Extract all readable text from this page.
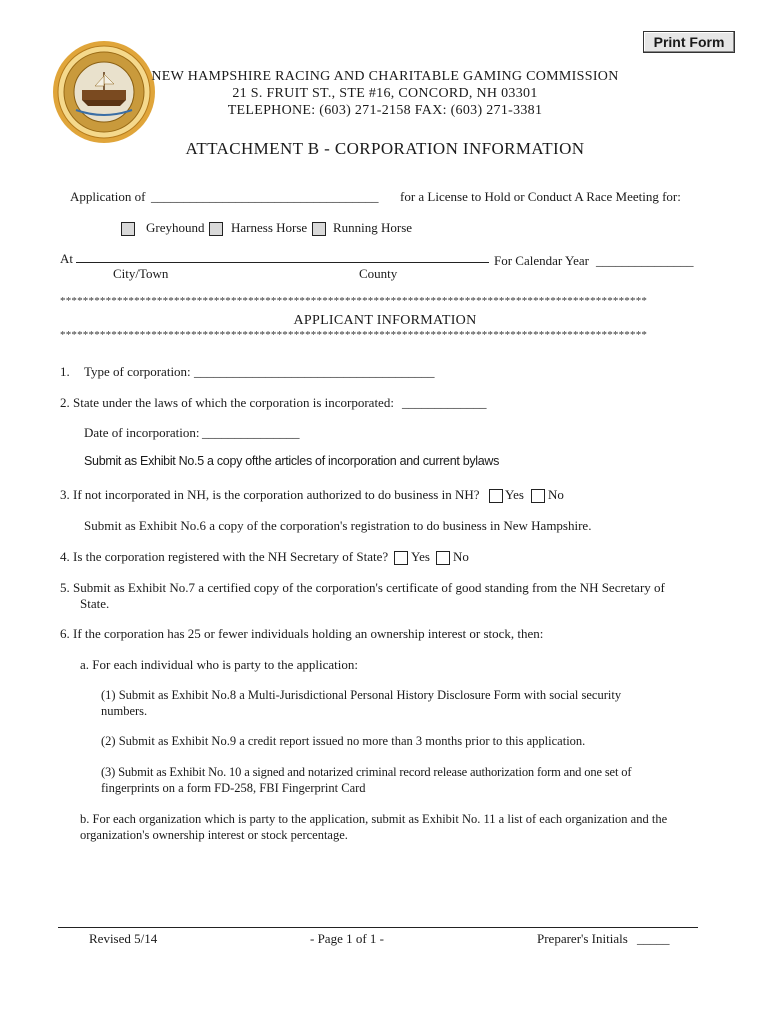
Print Form
NEW HAMPSHIRE RACING AND CHARITABLE GAMING COMMISSION
21 S. FRUIT ST., STE #16, CONCORD, NH 03301
TELEPHONE: (603) 271-2158 FAX: (603) 271-3381
ATTACHMENT B - CORPORATION INFORMATION
Application of ___________________________________ for a License to Hold or Conduct A Race Meeting for:
Greyhound Harness Horse Running Horse
At	For Calendar Year _______________
City/Town	County
*******************************************************************************************************
APPLICANT INFORMATION
*******************************************************************************************************
1. Type of corporation: _____________________________________
2. State under the laws of which the corporation is incorporated: _____________
Date of incorporation: _______________
Submit as Exhibit No.5 a copy ofthe articles of incorporation and current bylaws
3. If not incorporated in NH, is the corporation authorized to do business in NH? Yes No
Submit as Exhibit No.6 a copy of the corporation's registration to do business in New Hampshire.
4. Is the corporation registered with the NH Secretary of State? Yes No
5. Submit as Exhibit No.7 a certified copy of the corporation's certificate of good standing from the NH Secretary of
State.
6. If the corporation has 25 or fewer individuals holding an ownership interest or stock, then:
a. For each individual who is party to the application:
(1) Submit as Exhibit No.8 a Multi-Jurisdictional Personal History Disclosure Form with social security
numbers.
(2) Submit as Exhibit No.9 a credit report issued no more than 3 months prior to this application.
(3) Submit as Exhibit No. 10 a signed and notarized criminal record release authorization form and one set of
fingerprints on a form FD-258, FBI Fingerprint Card
b. For each organization which is party to the application, submit as Exhibit No. 11 a list of each organization and the
organization's ownership interest or stock percentage.
Revised 5/14	- Page 1 of 1 -	Preparer's Initials _____
